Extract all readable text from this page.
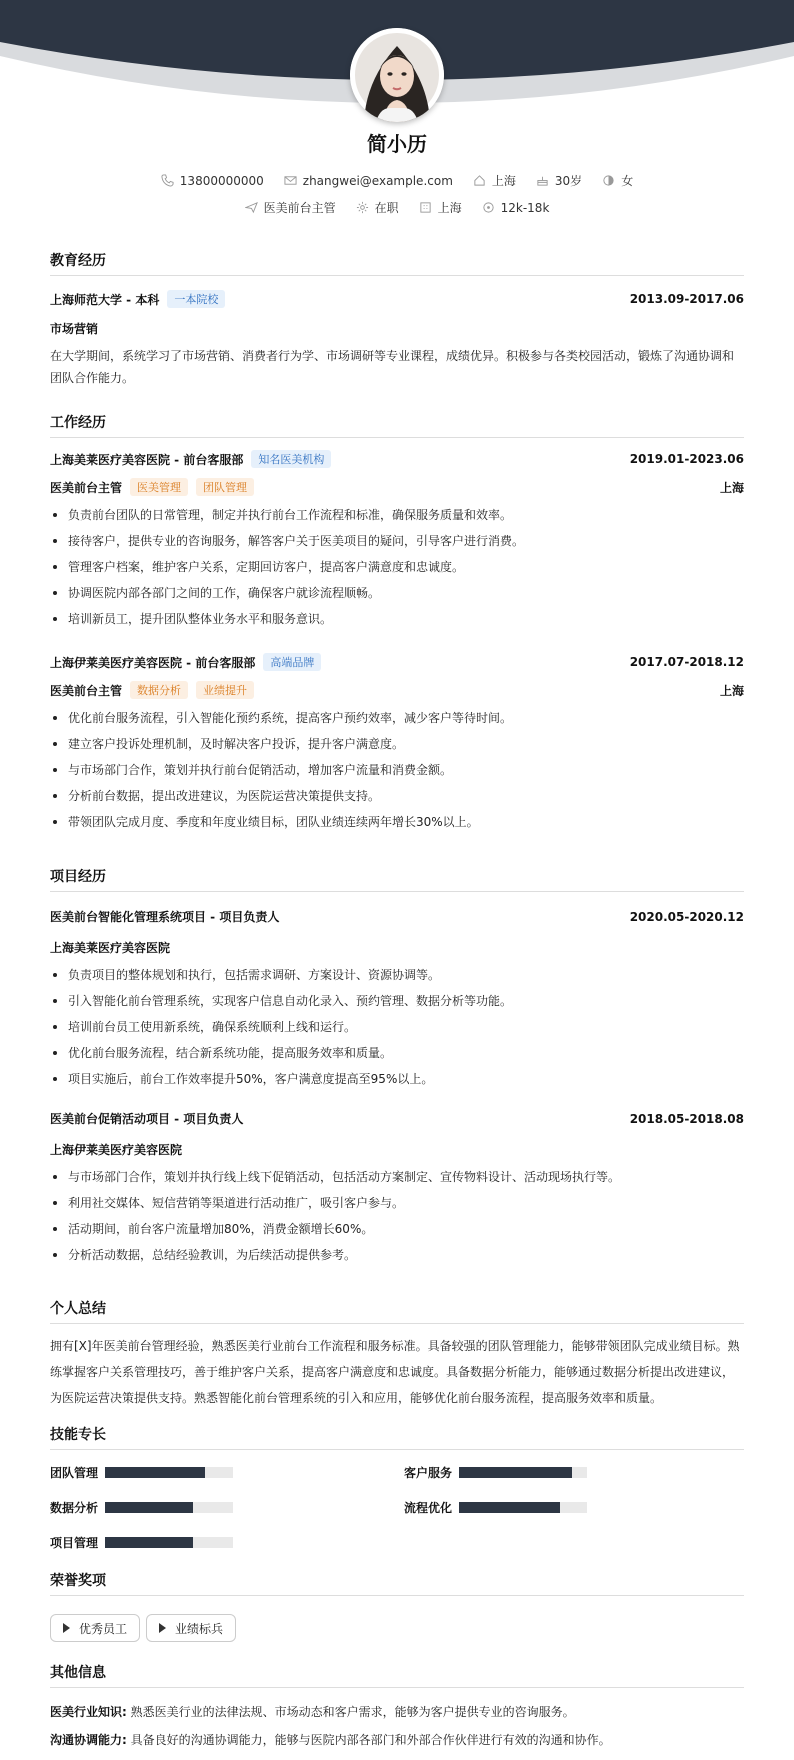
简小历
13800000000	zhangwei@example.com	上海	30岁	女
医美前台主管	在职	上海	12k-18k
教育经历
上海师范大学 - 本科	一本院校	2013.09-2017.06
市场营销
在大学期间，系统学习了市场营销、消费者行为学、市场调研等专业课程，成绩优异。积极参与各类校园活动，锻炼了沟通协调和
团队合作能力。
工作经历
上海美莱医疗美容医院 - 前台客服部	知名医美机构	2019.01-2023.06
医美前台主管	医美管理	团队管理	上海
负责前台团队的日常管理，制定并执行前台工作流程和标准，确保服务质量和效率。
接待客户，提供专业的咨询服务，解答客户关于医美项目的疑问，引导客户进行消费。
管理客户档案，维护客户关系，定期回访客户，提高客户满意度和忠诚度。
协调医院内部各部门之间的工作，确保客户就诊流程顺畅。
培训新员工，提升团队整体业务水平和服务意识。
上海伊莱美医疗美容医院 - 前台客服部	高端品牌	2017.07-2018.12
医美前台主管	数据分析	业绩提升	上海
优化前台服务流程，引入智能化预约系统，提高客户预约效率，减少客户等待时间。
建立客户投诉处理机制，及时解决客户投诉，提升客户满意度。
与市场部门合作，策划并执行前台促销活动，增加客户流量和消费金额。
分析前台数据，提出改进建议，为医院运营决策提供支持。
带领团队完成月度、季度和年度业绩目标，团队业绩连续两年增长30%以上。
项目经历
医美前台智能化管理系统项目 - 项目负责人	2020.05-2020.12
上海美莱医疗美容医院
负责项目的整体规划和执行，包括需求调研、方案设计、资源协调等。
引入智能化前台管理系统，实现客户信息自动化录入、预约管理、数据分析等功能。
培训前台员工使用新系统，确保系统顺利上线和运行。
优化前台服务流程，结合新系统功能，提高服务效率和质量。
项目实施后，前台工作效率提升50%，客户满意度提高至95%以上。
医美前台促销活动项目 - 项目负责人	2018.05-2018.08
上海伊莱美医疗美容医院
与市场部门合作，策划并执行线上线下促销活动，包括活动方案制定、宣传物料设计、活动现场执行等。
利用社交媒体、短信营销等渠道进行活动推广，吸引客户参与。
活动期间，前台客户流量增加80%，消费金额增长60%。
分析活动数据，总结经验教训，为后续活动提供参考。
个人总结
拥有[X]年医美前台管理经验，熟悉医美行业前台工作流程和服务标准。具备较强的团队管理能力，能够带领团队完成业绩目标。熟
练掌握客户关系管理技巧，善于维护客户关系，提高客户满意度和忠诚度。具备数据分析能力，能够通过数据分析提出改进建议，
为医院运营决策提供支持。熟悉智能化前台管理系统的引入和应用，能够优化前台服务流程，提高服务效率和质量。
技能专长
团队管理	客户服务
数据分析	流程优化
项目管理
荣誉奖项
优秀员工	业绩标兵
其他信息
医美行业知识: 熟悉医美行业的法律法规、市场动态和客户需求，能够为客户提供专业的咨询服务。
沟通协调能力: 具备良好的沟通协调能力，能够与医院内部各部门和外部合作伙伴进行有效的沟通和协作。
